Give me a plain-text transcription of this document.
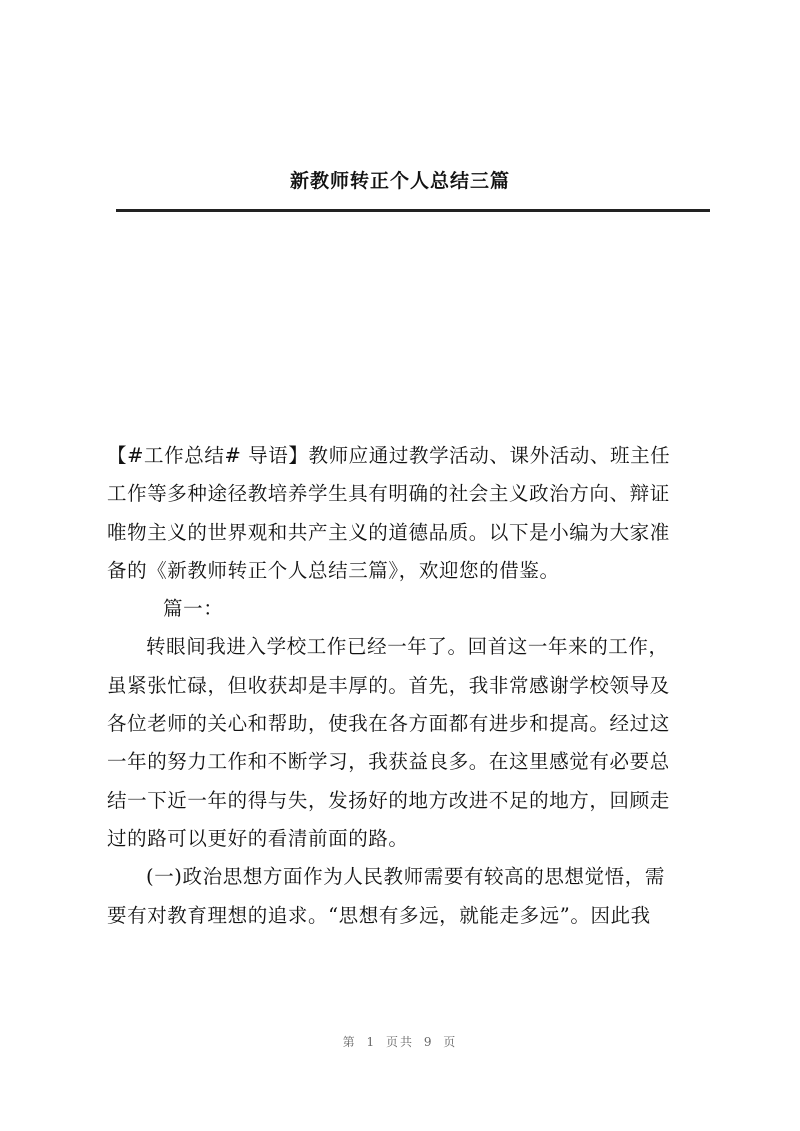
新教师转正个人总结三篇
【#工作总结# 导语】教师应通过教学活动、课外活动、班主任
工作等多种途径教培养学生具有明确的社会主义政治方向、辩证
唯物主义的世界观和共产主义的道德品质。以下是小编为大家准
备的《新教师转正个人总结三篇》，欢迎您的借鉴。
篇一：
转眼间我进入学校工作已经一年了。回首这一年来的工作，
虽紧张忙碌，但收获却是丰厚的。首先，我非常感谢学校领导及
各位老师的关心和帮助，使我在各方面都有进步和提高。经过这
一年的努力工作和不断学习，我获益良多。在这里感觉有必要总
结一下近一年的得与失，发扬好的地方改进不足的地方，回顾走
过的路可以更好的看清前面的路。
(一)政治思想方面作为人民教师需要有较高的思想觉悟，需
要有对教育理想的追求。“思想有多远，就能走多远”。因此我
第 1 页共 9 页
